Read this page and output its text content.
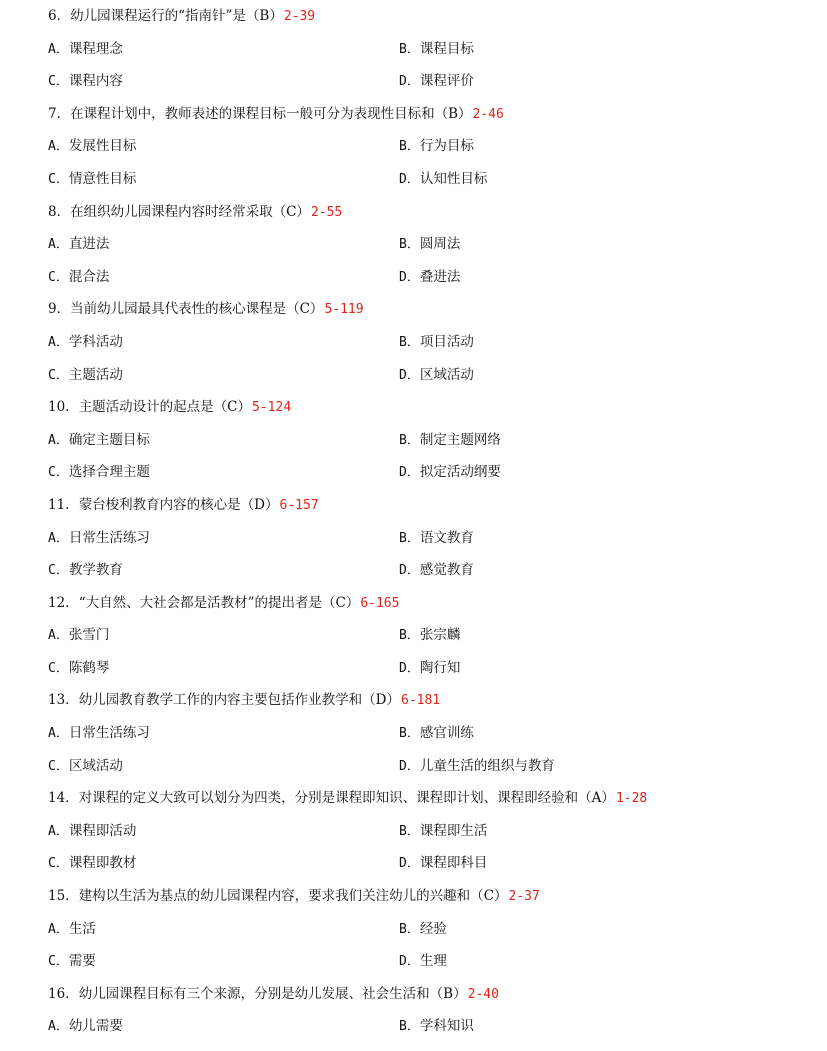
6．幼儿园课程运行的“指南针”是（B）2-39
A．课程理念	B．课程目标
C．课程内容	D．课程评价
7．在课程计划中，教师表述的课程目标一般可分为表现性目标和（B）2-46
A．发展性目标	B．行为目标
C．情意性目标	D．认知性目标
8．在组织幼儿园课程内容时经常采取（C）2-55
A．直进法	B．圆周法
C．混合法	D．叠进法
9．当前幼儿园最具代表性的核心课程是（C）5-119
A．学科活动	B．项目活动
C．主题活动	D．区域活动
10．主题活动设计的起点是（C）5-124
A．确定主题目标	B．制定主题网络
C．选择合理主题	D．拟定活动纲要
11．蒙台梭利教育内容的核心是（D）6-157
A．日常生活练习	B．语文教育
C．教学教育	D．感觉教育
12．“大自然、大社会都是活教材”的提出者是（C）6-165
A．张雪门	B．张宗麟
C．陈鹤琴	D．陶行知
13．幼儿园教育教学工作的内容主要包括作业教学和（D）6-181
A．日常生活练习	B．感官训练
C．区域活动	D．儿童生活的组织与教育
14．对课程的定义大致可以划分为四类，分别是课程即知识、课程即计划、课程即经验和（A）1-28
A．课程即活动	B．课程即生活
C．课程即教材	D．课程即科目
15．建构以生活为基点的幼儿园课程内容，要求我们关注幼儿的兴趣和（C）2-37
A．生活	B．经验
C．需要	D．生理
16．幼儿园课程目标有三个来源，分别是幼儿发展、社会生活和（B）2-40
A．幼儿需要	B．学科知识
